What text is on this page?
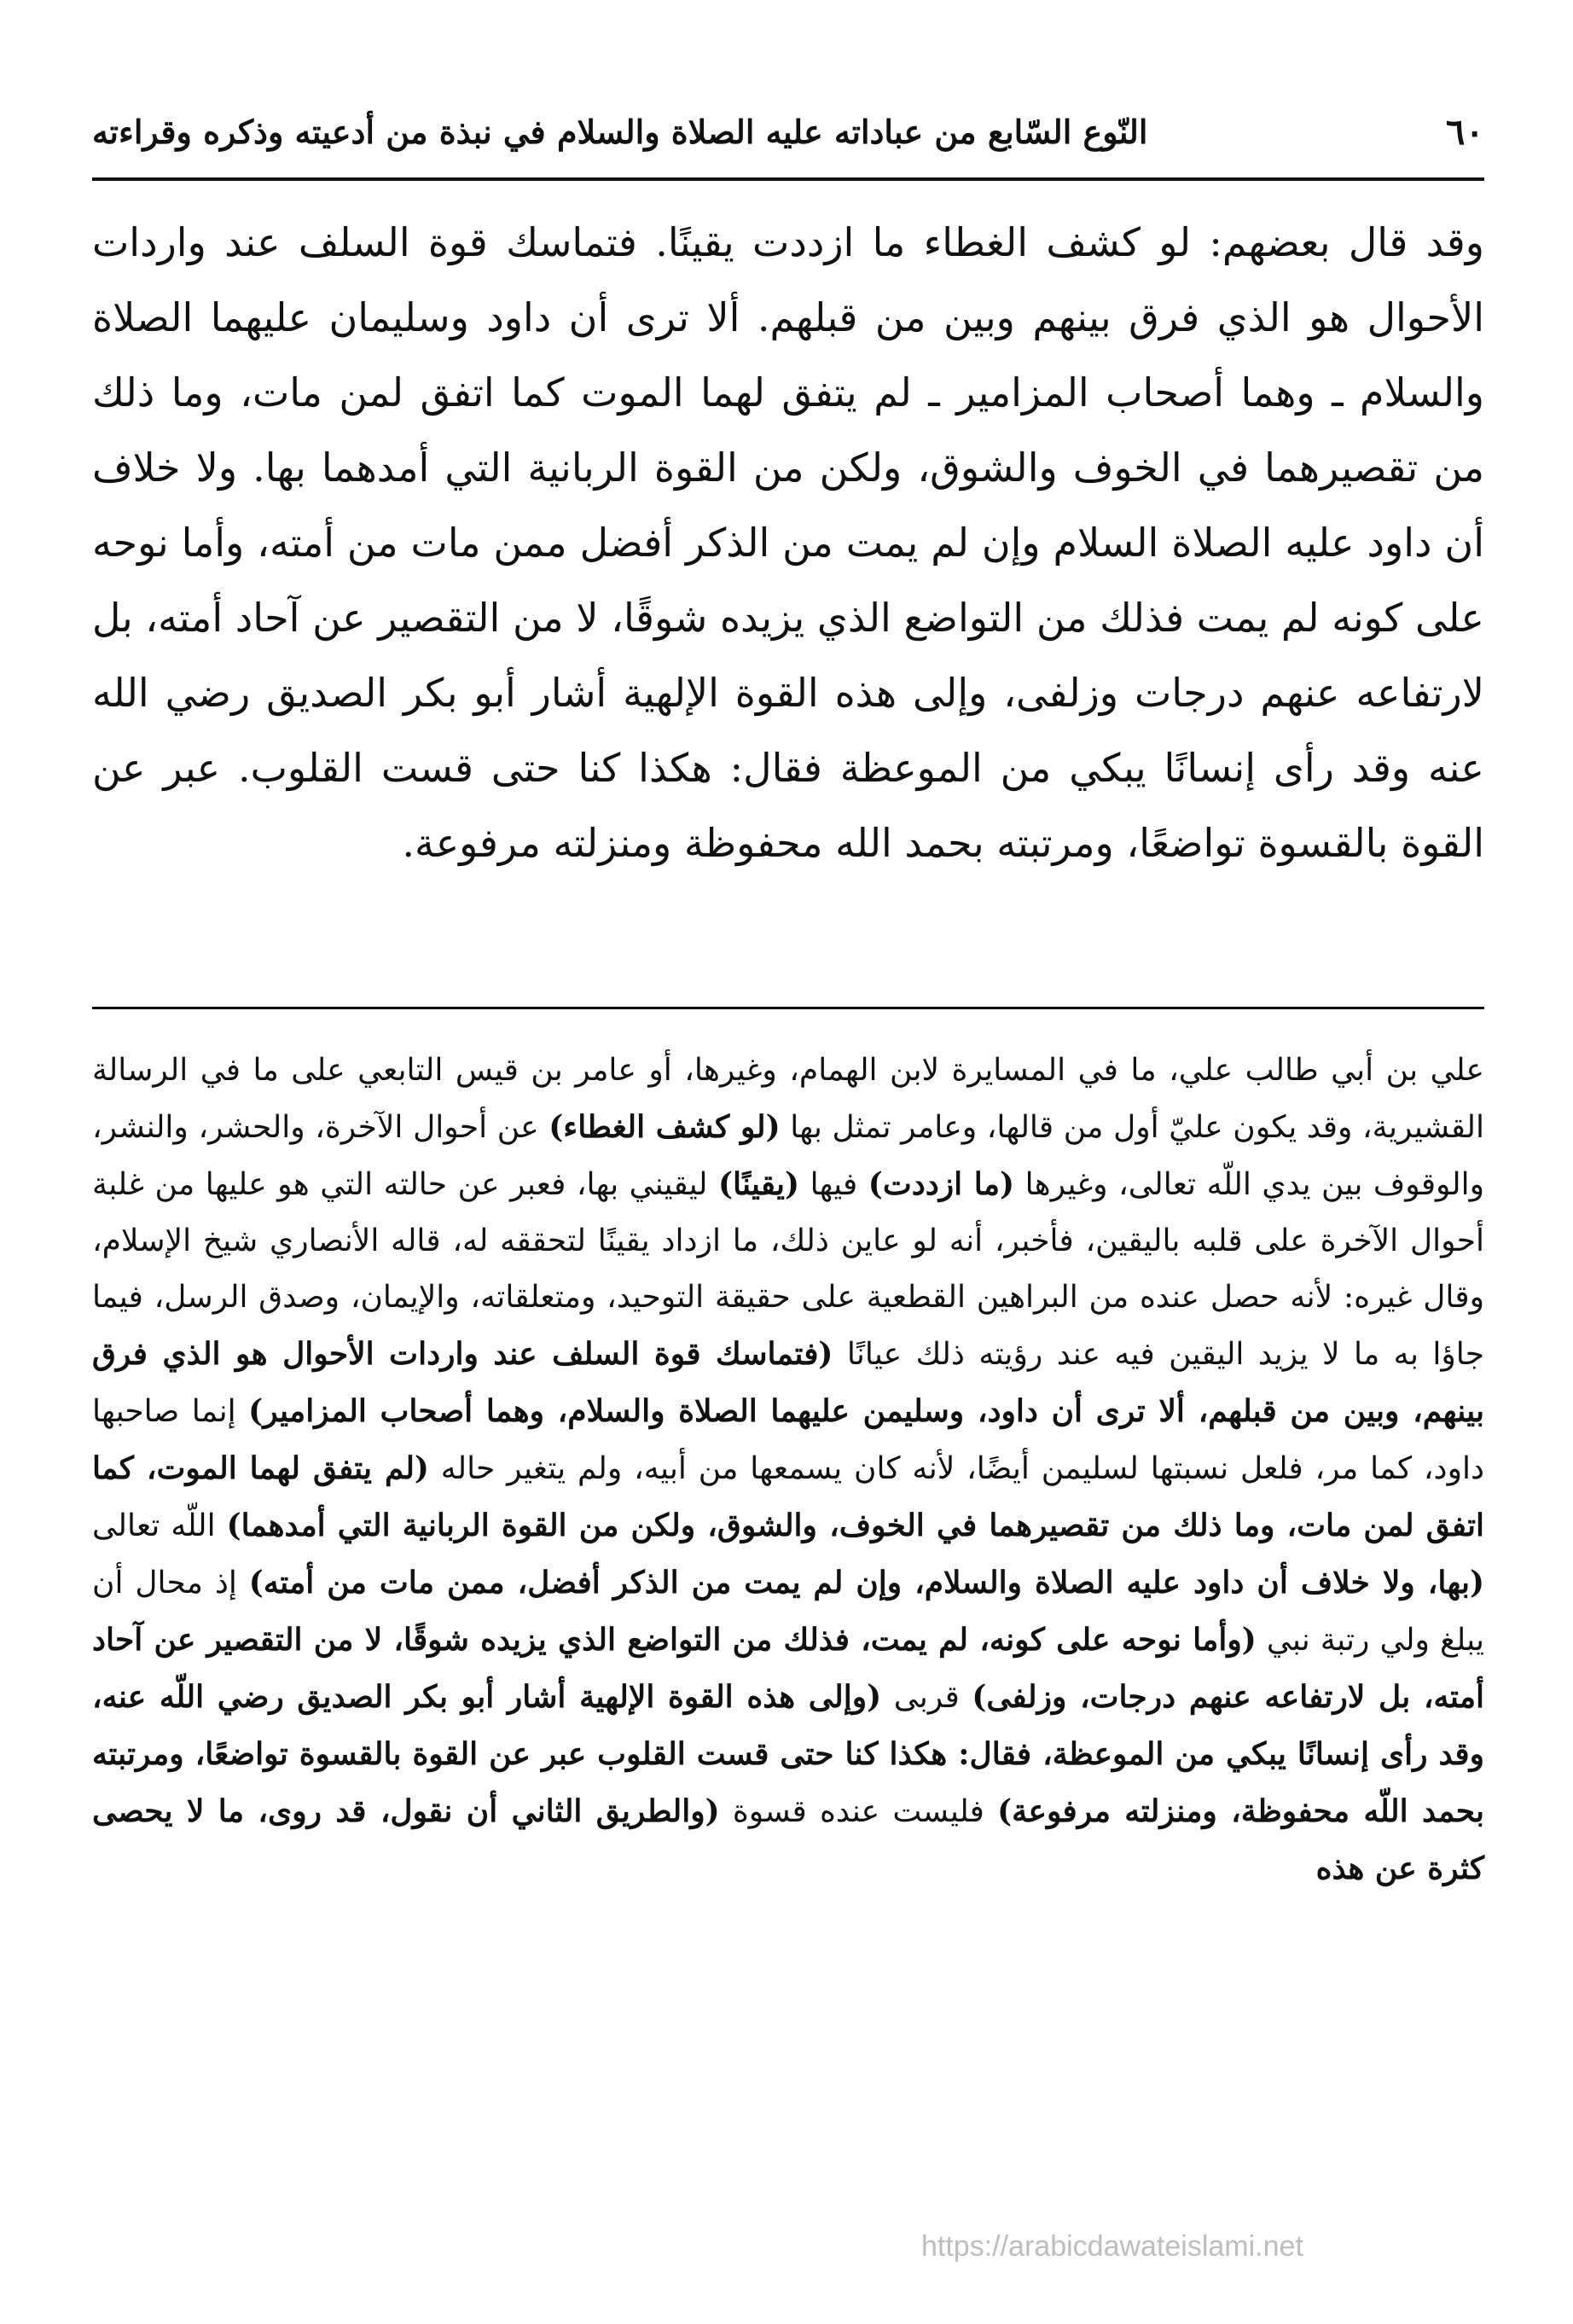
٦٠
النّوع السّابع من عباداته عليه الصلاة والسلام في نبذة من أدعيته وذكره وقراءته

وقد قال بعضهم: لو كشف الغطاء ما ازددت يقينًا. فتماسك قوة السلف عند واردات الأحوال هو الذي فرق بينهم وبين من قبلهم. ألا ترى أن داود وسليمان عليهما الصلاة والسلام ـ وهما أصحاب المزامير ـ لم يتفق لهما الموت كما اتفق لمن مات، وما ذلك من تقصيرهما في الخوف والشوق، ولكن من القوة الربانية التي أمدهما بها. ولا خلاف أن داود عليه الصلاة السلام وإن لم يمت من الذكر أفضل ممن مات من أمته، وأما نوحه على كونه لم يمت فذلك من التواضع الذي يزيده شوقًا، لا من التقصير عن آحاد أمته، بل لارتفاعه عنهم درجات وزلفى، وإلى هذه القوة الإلهية أشار أبو بكر الصديق رضي الله عنه وقد رأى إنسانًا يبكي من الموعظة فقال: هكذا كنا حتى قست القلوب. عبر عن القوة بالقسوة تواضعًا، ومرتبته بحمد الله محفوظة ومنزلته مرفوعة.

علي بن أبي طالب علي، ما في المسايرة لابن الهمام، وغيرها، أو عامر بن قيس التابعي على ما في الرسالة القشيرية، وقد يكون عليّ أول من قالها، وعامر تمثل بها (لو كشف الغطاء) عن أحوال الآخرة، والحشر، والنشر، والوقوف بين يدي اللّه تعالى، وغيرها (ما ازددت) فيها (يقينًا) ليقيني بها، فعبر عن حالته التي هو عليها من غلبة أحوال الآخرة على قلبه باليقين، فأخبر، أنه لو عاين ذلك، ما ازداد يقينًا لتحققه له، قاله الأنصاري شيخ الإسلام، وقال غيره: لأنه حصل عنده من البراهين القطعية على حقيقة التوحيد، ومتعلقاته، والإيمان، وصدق الرسل، فيما جاؤا به ما لا يزيد اليقين فيه عند رؤيته ذلك عيانًا (فتماسك قوة السلف عند واردات الأحوال هو الذي فرق بينهم، وبين من قبلهم، ألا ترى أن داود، وسليمن عليهما الصلاة والسلام، وهما أصحاب المزامير) إنما صاحبها داود، كما مر، فلعل نسبتها لسليمن أيضًا، لأنه كان يسمعها من أبيه، ولم يتغير حاله (لم يتفق لهما الموت، كما اتفق لمن مات، وما ذلك من تقصيرهما في الخوف، والشوق، ولكن من القوة الربانية التي أمدهما) اللّه تعالى (بها، ولا خلاف أن داود عليه الصلاة والسلام، وإن لم يمت من الذكر أفضل، ممن مات من أمته) إذ محال أن يبلغ ولي رتبة نبي (وأما نوحه على كونه، لم يمت، فذلك من التواضع الذي يزيده شوقًا، لا من التقصير عن آحاد أمته، بل لارتفاعه عنهم درجات، وزلفى) قربى (وإلى هذه القوة الإلهية أشار أبو بكر الصديق رضي اللّه عنه، وقد رأى إنسانًا يبكي من الموعظة، فقال: هكذا كنا حتى قست القلوب عبر عن القوة بالقسوة تواضعًا، ومرتبته بحمد اللّه محفوظة، ومنزلته مرفوعة) فليست عنده قسوة (والطريق الثاني أن نقول، قد روى، ما لا يحصى كثرة عن هذه

https://arabicdawateislami.net
